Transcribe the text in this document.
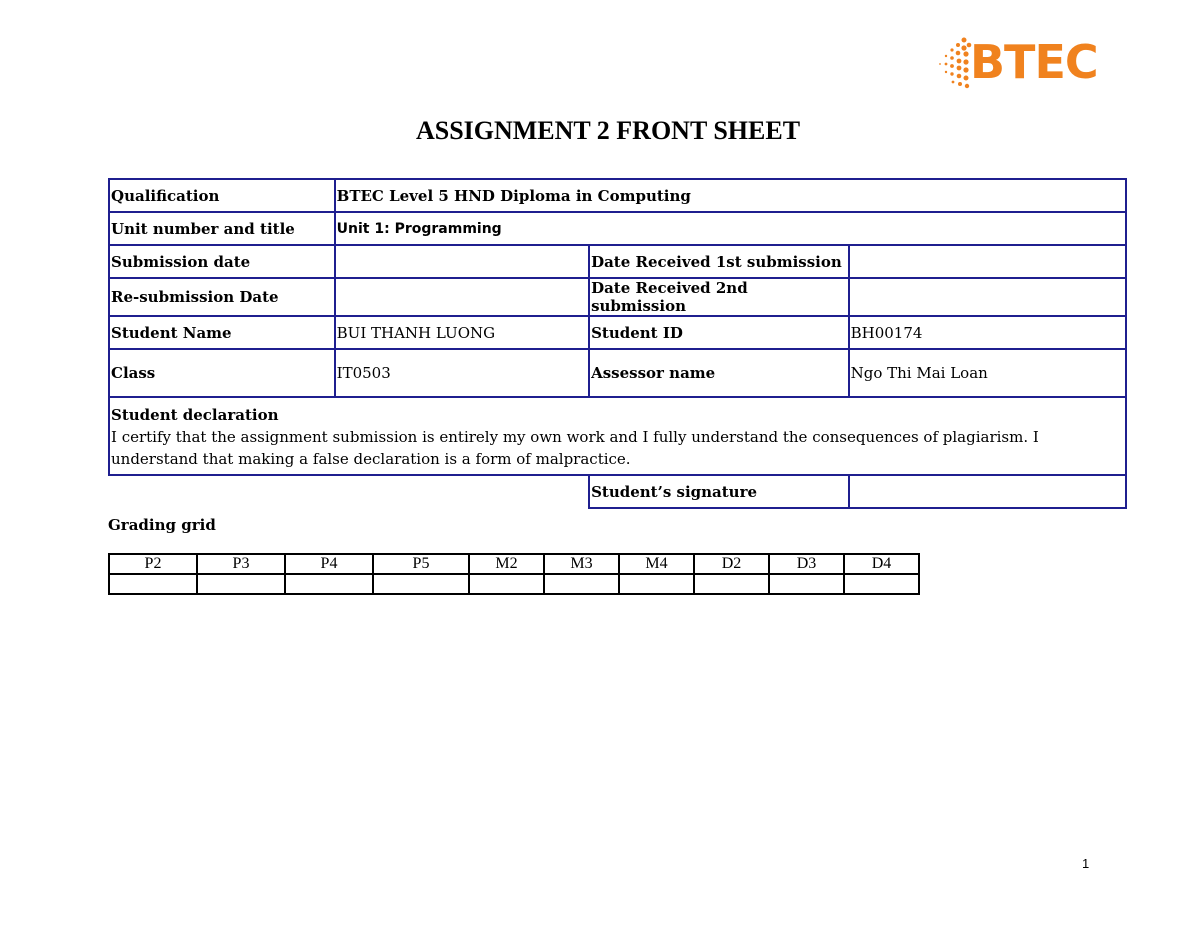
BTEC
ASSIGNMENT 2 FRONT SHEET
Qualification	BTEC Level 5 HND Diploma in Computing		
Unit number and title	Unit 1: Programming		
Submission date		Date Received 1st submission	
Re-submission Date		Date Received 2nd submission	
Student Name	BUI THANH LUONG	Student ID	BH00174
Class	IT0503	Assessor name	Ngo Thi Mai Loan

Student declaration
I certify that the assignment submission is entirely my own work and I fully understand the consequences of plagiarism. I understand that making a false declaration is a form of malpractice.			

		Student’s signature	
Grading grid
P2	P3	P4	P5	M2	M3	M4	D2	D3	D4

1
